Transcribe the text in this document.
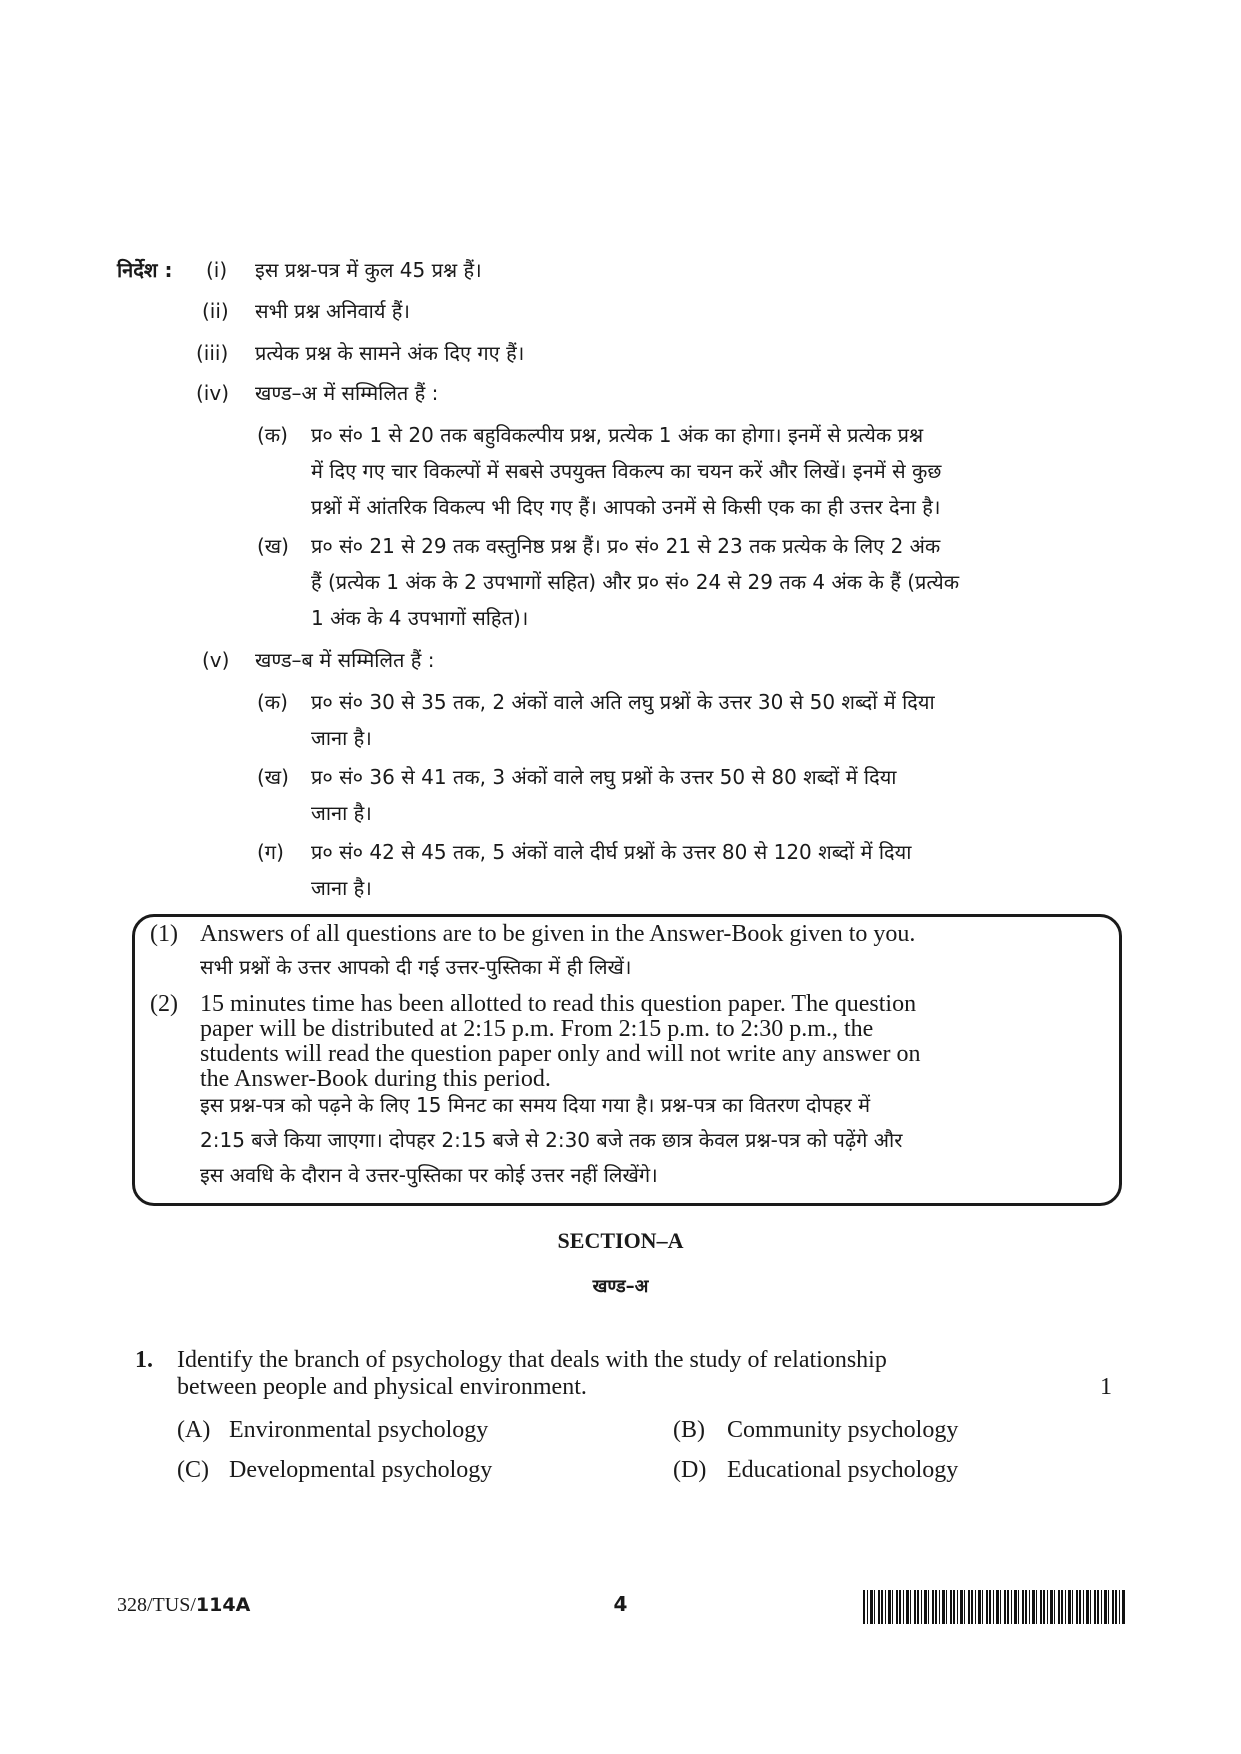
निर्देश : (i) इस प्रश्न-पत्र में कुल 45 प्रश्न हैं।
(ii) सभी प्रश्न अनिवार्य हैं।
(iii) प्रत्येक प्रश्न के सामने अंक दिए गए हैं।
(iv) खण्ड–अ में सम्मिलित हैं :
(क) प्र० सं० 1 से 20 तक बहुविकल्पीय प्रश्न, प्रत्येक 1 अंक का होगा। इनमें से प्रत्येक प्रश्न
में दिए गए चार विकल्पों में सबसे उपयुक्त विकल्प का चयन करें और लिखें। इनमें से कुछ
प्रश्नों में आंतरिक विकल्प भी दिए गए हैं। आपको उनमें से किसी एक का ही उत्तर देना है।
(ख) प्र० सं० 21 से 29 तक वस्तुनिष्ठ प्रश्न हैं। प्र० सं० 21 से 23 तक प्रत्येक के लिए 2 अंक
हैं (प्रत्येक 1 अंक के 2 उपभागों सहित) और प्र० सं० 24 से 29 तक 4 अंक के हैं (प्रत्येक
1 अंक के 4 उपभागों सहित)।
(v) खण्ड–ब में सम्मिलित हैं :
(क) प्र० सं० 30 से 35 तक, 2 अंकों वाले अति लघु प्रश्नों के उत्तर 30 से 50 शब्दों में दिया
जाना है।
(ख) प्र० सं० 36 से 41 तक, 3 अंकों वाले लघु प्रश्नों के उत्तर 50 से 80 शब्दों में दिया
जाना है।
(ग) प्र० सं० 42 से 45 तक, 5 अंकों वाले दीर्घ प्रश्नों के उत्तर 80 से 120 शब्दों में दिया
जाना है।
(1) Answers of all questions are to be given in the Answer-Book given to you.
सभी प्रश्नों के उत्तर आपको दी गई उत्तर-पुस्तिका में ही लिखें।
(2) 15 minutes time has been allotted to read this question paper. The question
paper will be distributed at 2:15 p.m. From 2:15 p.m. to 2:30 p.m., the
students will read the question paper only and will not write any answer on
the Answer-Book during this period.
इस प्रश्न-पत्र को पढ़ने के लिए 15 मिनट का समय दिया गया है। प्रश्न-पत्र का वितरण दोपहर में
2:15 बजे किया जाएगा। दोपहर 2:15 बजे से 2:30 बजे तक छात्र केवल प्रश्न-पत्र को पढ़ेंगे और
इस अवधि के दौरान वे उत्तर-पुस्तिका पर कोई उत्तर नहीं लिखेंगे।
SECTION–A
खण्ड–अ
1. Identify the branch of psychology that deals with the study of relationship
between people and physical environment.	1
(A) Environmental psychology	(B) Community psychology
(C) Developmental psychology	(D) Educational psychology
328/TUS/114A	4
